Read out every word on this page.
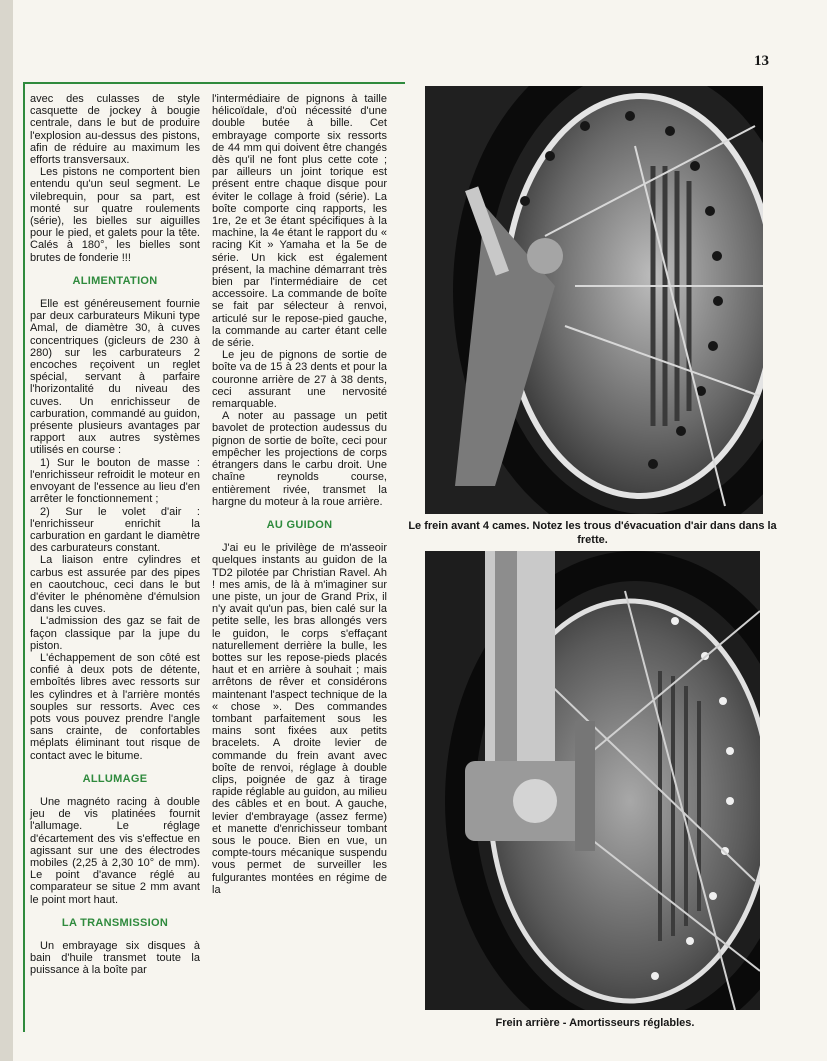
13

avec des culasses de style casquette de jockey à bougie centrale, dans le but de produire l'explosion au-dessus des pistons, afin de réduire au maximum les efforts transversaux.

Les pistons ne comportent bien entendu qu'un seul segment. Le vilebrequin, pour sa part, est monté sur quatre roulements (série), les bielles sur aiguilles pour le pied, et galets pour la tête. Calés à 180°, les bielles sont brutes de fonderie !!!

ALIMENTATION

Elle est généreusement fournie par deux carburateurs Mikuni type Amal, de diamètre 30, à cuves concentriques (gicleurs de 230 à 280) sur les carburateurs 2 encoches reçoivent un reglet spécial, servant à parfaire l'horizontalité du niveau des cuves. Un enrichisseur de carburation, commandé au guidon, présente plusieurs avantages par rapport aux autres systèmes utilisés en course :

1) Sur le bouton de masse : l'enrichisseur refroidit le moteur en envoyant de l'essence au lieu d'en arrêter le fonctionnement ;

2) Sur le volet d'air : l'enrichisseur enrichit la carburation en gardant le diamètre des carburateurs constant.

La liaison entre cylindres et carbus est assurée par des pipes en caoutchouc, ceci dans le but d'éviter le phénomène d'émulsion dans les cuves.

L'admission des gaz se fait de façon classique par la jupe du piston.

L'échappement de son côté est confié à deux pots de détente, emboîtés libres avec ressorts sur les cylindres et à l'arrière montés souples sur ressorts. Avec ces pots vous pouvez prendre l'angle sans crainte, de confortables méplats éliminant tout risque de contact avec le bitume.

ALLUMAGE

Une magnéto racing à double jeu de vis platinées fournit l'allumage. Le réglage d'écartement des vis s'effectue en agissant sur une des électrodes mobiles (2,25 à 2,30 10° de mm). Le point d'avance réglé au comparateur se situe 2 mm avant le point mort haut.

LA TRANSMISSION

Un embrayage six disques à bain d'huile transmet toute la puissance à la boîte par

l'intermédiaire de pignons à taille hélicoïdale, d'où nécessité d'une double butée à bille. Cet embrayage comporte six ressorts de 44 mm qui doivent être changés dès qu'il ne font plus cette cote ; par ailleurs un joint torique est présent entre chaque disque pour éviter le collage à froid (série). La boîte comporte cinq rapports, les 1re, 2e et 3e étant spécifiques à la machine, la 4e étant le rapport du « racing Kit » Yamaha et la 5e de série. Un kick est également présent, la machine démarrant très bien par l'intermédiaire de cet accessoire. La commande de boîte se fait par sélecteur à renvoi, articulé sur le repose-pied gauche, la commande au carter étant celle de série.

Le jeu de pignons de sortie de boîte va de 15 à 23 dents et pour la couronne arrière de 27 à 38 dents, ceci assurant une nervosité remarquable.

A noter au passage un petit bavolet de protection audessus du pignon de sortie de boîte, ceci pour empêcher les projections de corps étrangers dans le carbu droit. Une chaîne reynolds course, entièrement rivée, transmet la hargne du moteur à la roue arrière.

AU GUIDON

J'ai eu le privilège de m'asseoir quelques instants au guidon de la TD2 pilotée par Christian Ravel. Ah ! mes amis, de là à m'imaginer sur une piste, un jour de Grand Prix, il n'y avait qu'un pas, bien calé sur la petite selle, les bras allongés vers le guidon, le corps s'effaçant naturellement derrière la bulle, les bottes sur les repose-pieds placés haut et en arrière à souhait ; mais arrêtons de rêver et considérons maintenant l'aspect technique de la « chose ». Des commandes tombant parfaitement sous les mains sont fixées aux petits bracelets. A droite levier de commande du frein avant avec boîte de renvoi, réglage à double clips, poignée de gaz à tirage rapide réglable au guidon, au milieu des câbles et en bout. A gauche, levier d'embrayage (assez ferme) et manette d'enrichisseur tombant sous le pouce. Bien en vue, un compte-tours mécanique suspendu vous permet de surveiller les fulgurantes montées en régime de la

Le frein avant 4 cames. Notez les trous d'évacuation d'air dans dans la frette.
Frein arrière - Amortisseurs réglables.
